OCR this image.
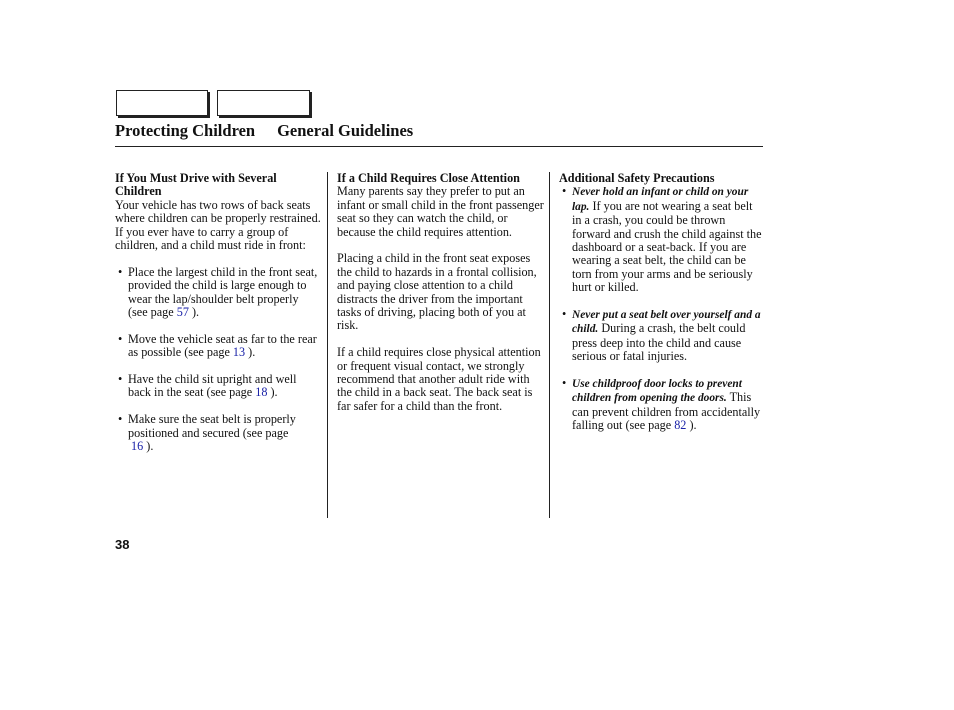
Protecting Children General Guidelines

If You Must Drive with Several Children

Your vehicle has two rows of back seats where children can be properly restrained. If you ever have to carry a group of children, and a child must ride in front:

• Place the largest child in the front seat, provided the child is large enough to wear the lap/shoulder belt properly (see page 57 ).
• Move the vehicle seat as far to the rear as possible (see page 13 ).
• Have the child sit upright and well back in the seat (see page 18 ).
• Make sure the seat belt is properly positioned and secured (see page
16 ).

If a Child Requires Close Attention

Many parents say they prefer to put an infant or small child in the front passenger seat so they can watch the child, or because the child requires attention.

Placing a child in the front seat exposes the child to hazards in a frontal collision, and paying close attention to a child distracts the driver from the important tasks of driving, placing both of you at risk.

If a child requires close physical attention or frequent visual contact, we strongly recommend that another adult ride with the child in a back seat. The back seat is far safer for a child than the front.

Additional Safety Precautions

• Never hold an infant or child on your lap. If you are not wearing a seat belt in a crash, you could be thrown forward and crush the child against the dashboard or a seat-back. If you are wearing a seat belt, the child can be torn from your arms and be seriously hurt or killed.
• Never put a seat belt over yourself and a child. During a crash, the belt could press deep into the child and cause serious or fatal injuries.
• Use childproof door locks to prevent children from opening the doors. This can prevent children from accidentally falling out (see page 82 ).
38
